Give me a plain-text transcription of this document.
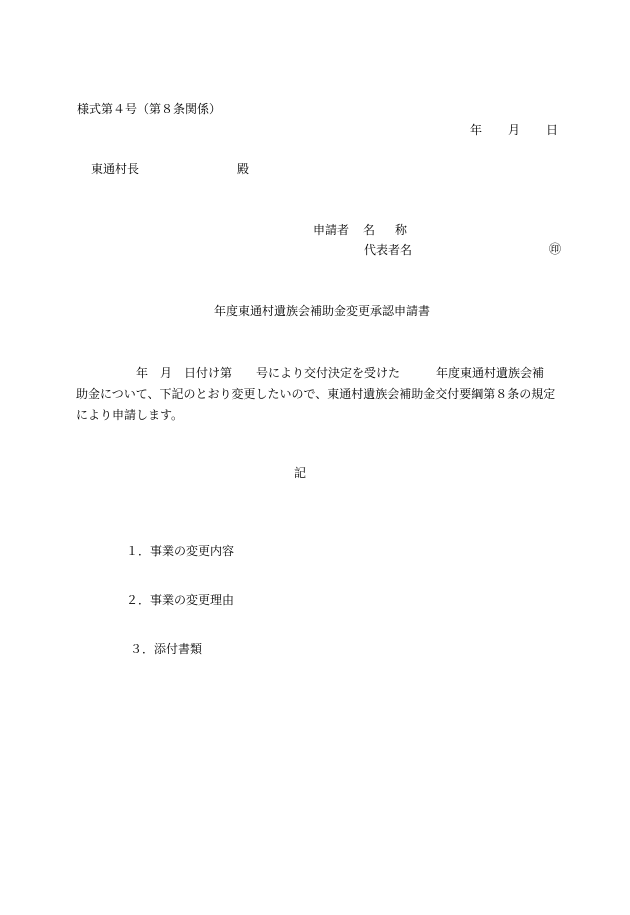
様式第４号（第８条関係）
年 月 日
東通村長	殿
申請者 名 称
代表者名	㊞
年度東通村遺族会補助金変更承認申請書
年　月　日付け第　　号により交付決定を受けた　　　年度東通村遺族会補
助金について、下記のとおり変更したいので、東通村遺族会補助金交付要綱第８条の規定
により申請します。
記
１．事業の変更内容
２．事業の変更理由
３．添付書類
